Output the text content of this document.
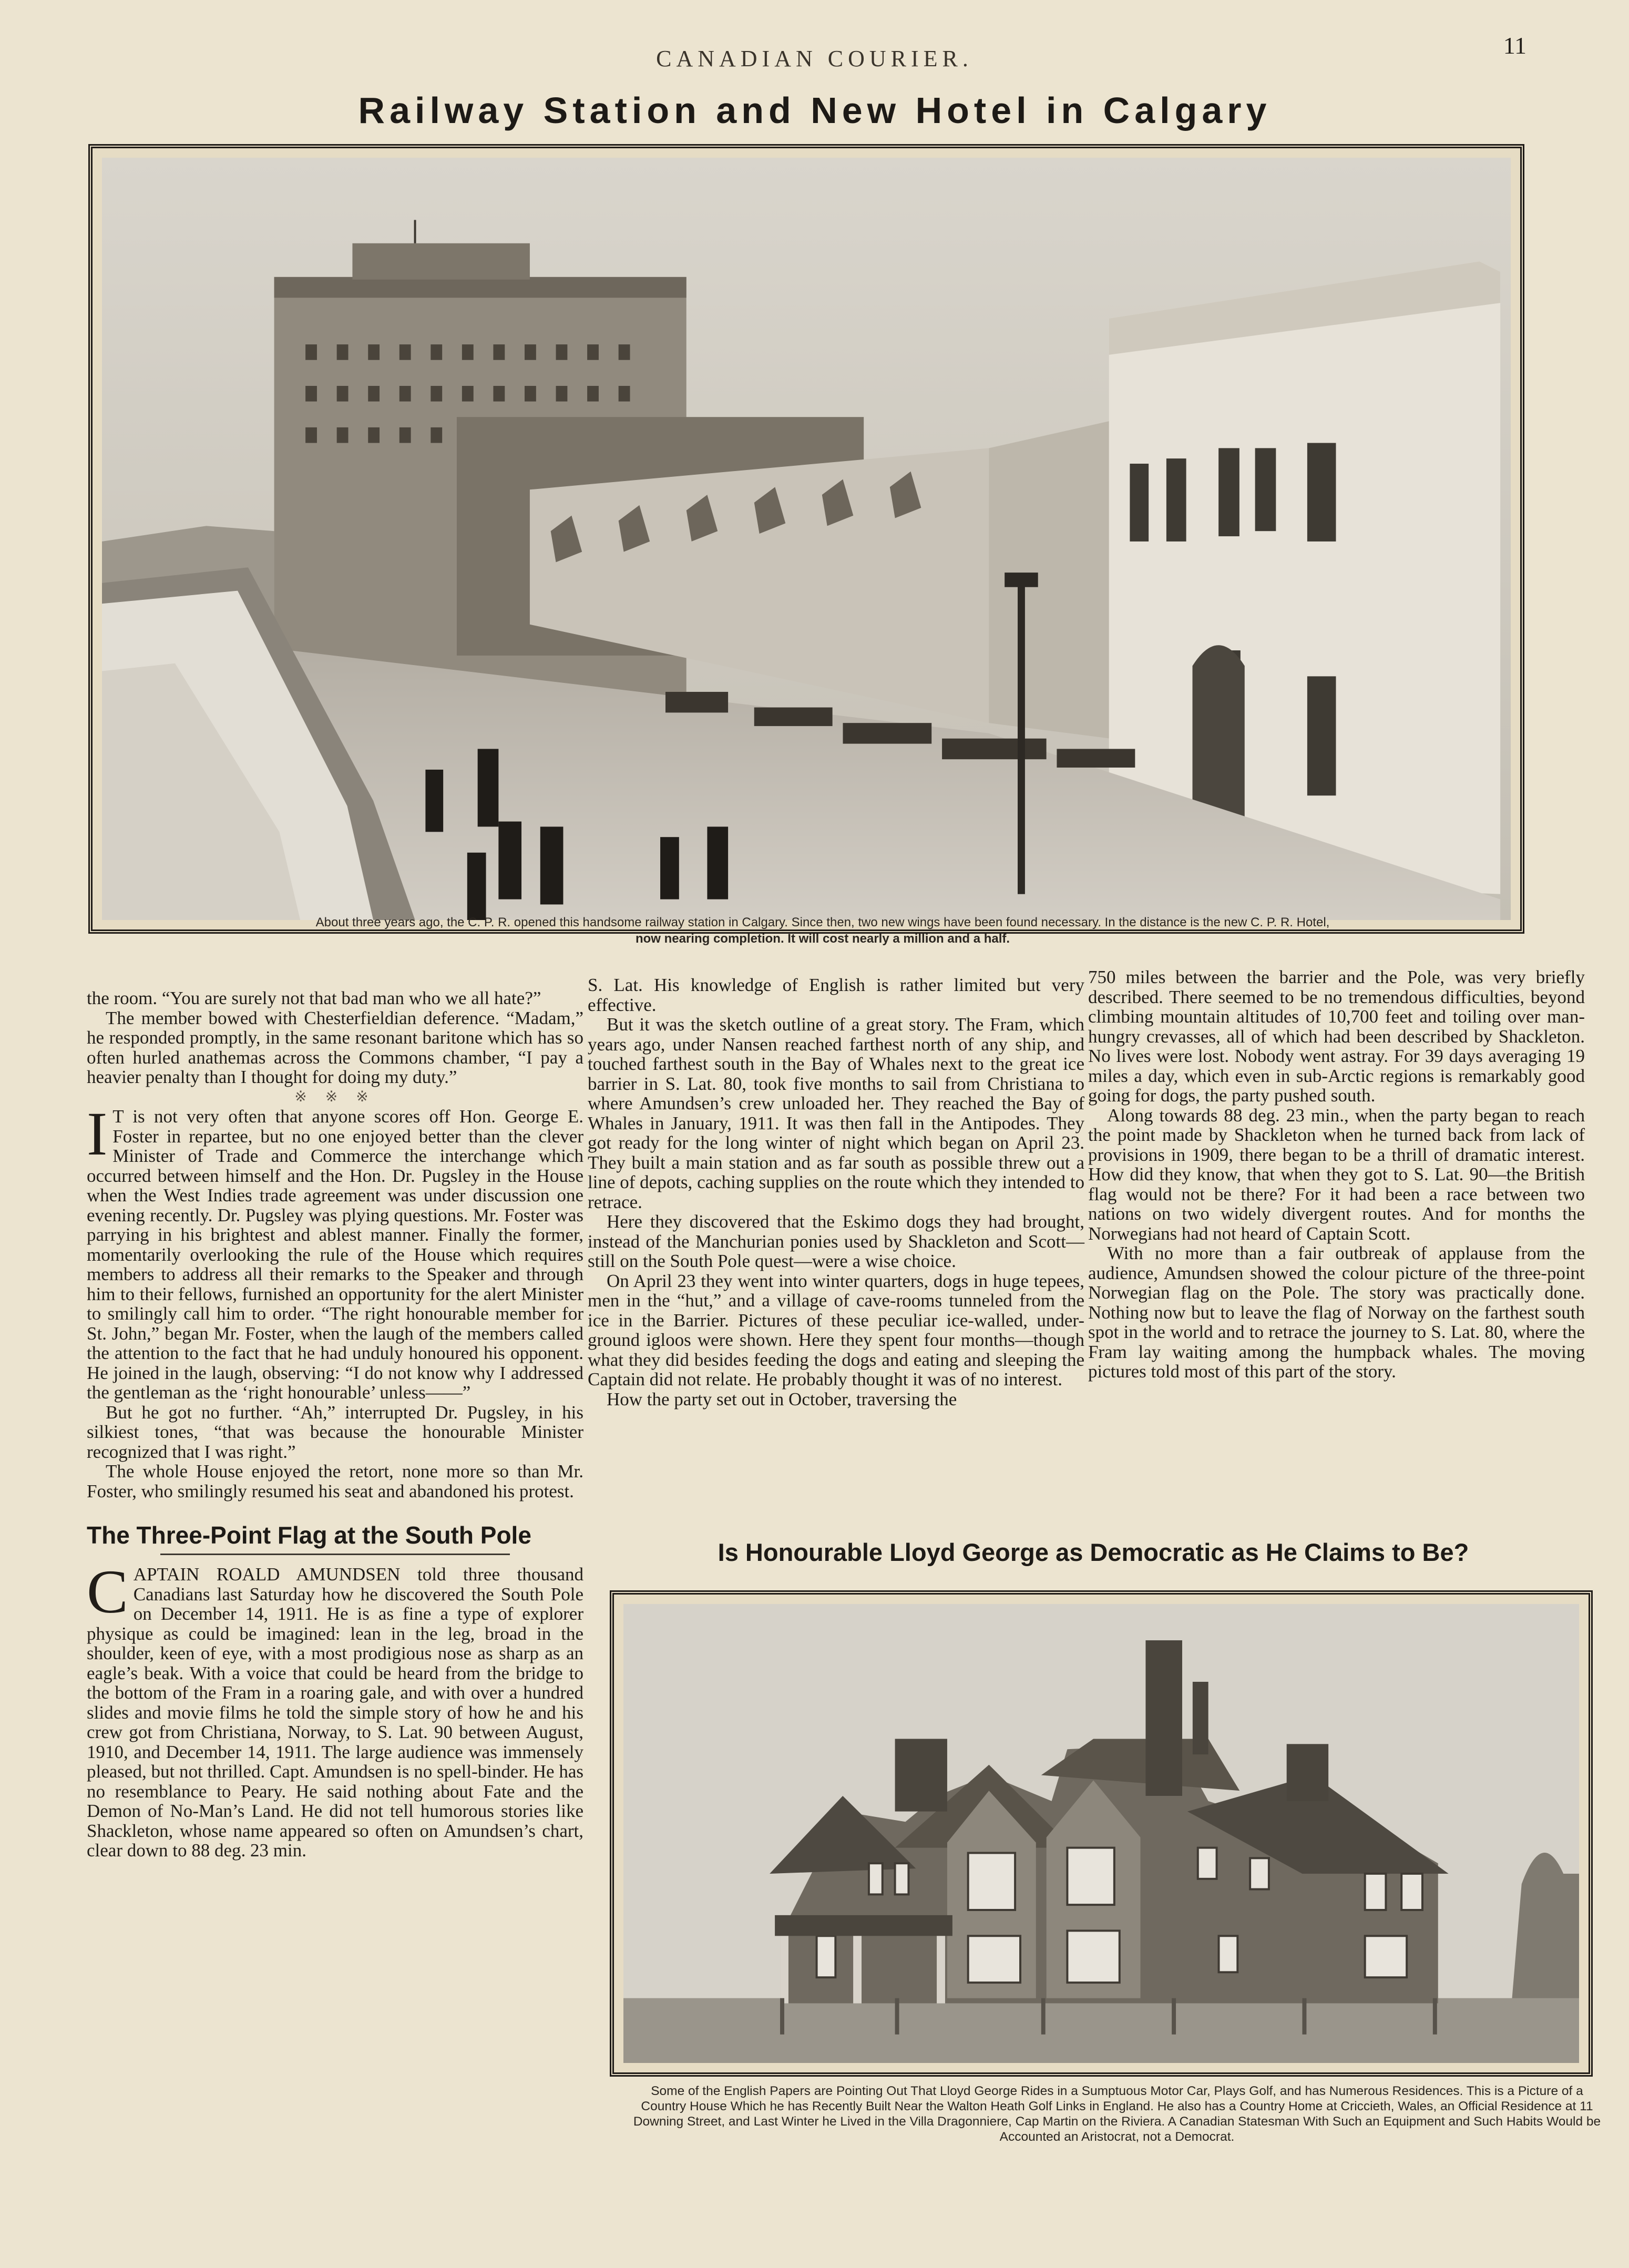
CANADIAN COURIER.	11
Railway Station and New Hotel in Calgary
About three years ago, the C. P. R. opened this handsome railway station in Calgary. Since then, two new wings have been found necessary. In the distance is the new C. P. R. Hotel,
now nearing completion. It will cost nearly a million and a half.

the room. “You are surely not that bad man who we all hate?”

The member bowed with Chesterfieldian deference. “Madam,” he responded promptly, in the same resonant baritone which has so often hurled anathemas across the Commons chamber, “I pay a heavier penalty than I thought for doing my duty.”

※ ※ ※

I T is not very often that anyone scores off Hon. George E. Foster in repartee, but no one enjoyed better than the clever Minister of Trade and Commerce the interchange which occurred between himself and the Hon. Dr. Pugsley in the House when the West Indies trade agreement was under discussion one evening recently. Dr. Pugsley was plying questions. Mr. Foster was parrying in his brightest and ablest manner. Finally the former, momentarily overlooking the rule of the House which requires members to address all their remarks to the Speaker and through him to their fellows, furnished an opportunity for the alert Minister to smilingly call him to order. “The right honourable member for St. John,” began Mr. Foster, when the laugh of the members called the attention to the fact that he had unduly honoured his opponent. He joined in the laugh, observing: “I do not know why I addressed the gentleman as the ‘right honourable’ unless——”

But he got no further. “Ah,” interrupted Dr. Pugsley, in his silkiest tones, “that was because the honourable Minister recognized that I was right.”

The whole House enjoyed the retort, none more so than Mr. Foster, who smilingly resumed his seat and abandoned his protest.

The Three-Point Flag at the South Pole

CAPTAIN ROALD AMUNDSEN told three thousand Canadians last Saturday how he discovered the South Pole on December 14, 1911. He is as fine a type of explorer physique as could be imagined: lean in the leg, broad in the shoulder, keen of eye, with a most prodigious nose as sharp as an eagle’s beak. With a voice that could be heard from the bridge to the bottom of the Fram in a roaring gale, and with over a hundred slides and movie films he told the simple story of how he and his crew got from Christiana, Norway, to S. Lat. 90 between August, 1910, and December 14, 1911. The large audience was immensely pleased, but not thrilled. Capt. Amundsen is no spell-binder. He has no resemblance to Peary. He said nothing about Fate and the Demon of No-Man’s Land. He did not tell humorous stories like Shackleton, whose name appeared so often on Amundsen’s chart, clear down to 88 deg. 23 min.

S. Lat. His knowledge of English is rather limited but very effective.

But it was the sketch outline of a great story. The Fram, which years ago, under Nansen reached farthest north of any ship, and touched farthest south in the Bay of Whales next to the great ice barrier in S. Lat. 80, took five months to sail from Christiana to where Amundsen’s crew unloaded her. They reached the Bay of Whales in January, 1911. It was then fall in the Antipodes. They got ready for the long winter of night which began on April 23. They built a main station and as far south as possible threw out a line of depots, caching supplies on the route which they intended to retrace.

Here they discovered that the Eskimo dogs they had brought, instead of the Manchurian ponies used by Shackleton and Scott—still on the South Pole quest—were a wise choice.

On April 23 they went into winter quarters, dogs in huge tepees, men in the “hut,” and a village of cave-rooms tunneled from the ice in the Barrier. Pictures of these peculiar ice-walled, under-ground igloos were shown. Here they spent four months—though what they did besides feeding the dogs and eating and sleeping the Captain did not relate. He probably thought it was of no interest.

How the party set out in October, traversing the

750 miles between the barrier and the Pole, was very briefly described. There seemed to be no tremendous difficulties, beyond climbing mountain altitudes of 10,700 feet and toiling over man-hungry crevasses, all of which had been described by Shackleton. No lives were lost. Nobody went astray. For 39 days averaging 19 miles a day, which even in sub-Arctic regions is remarkably good going for dogs, the party pushed south.

Along towards 88 deg. 23 min., when the party began to reach the point made by Shackleton when he turned back from lack of provisions in 1909, there began to be a thrill of dramatic interest. How did they know, that when they got to S. Lat. 90—the British flag would not be there? For it had been a race between two nations on two widely divergent routes. And for months the Norwegians had not heard of Captain Scott.

With no more than a fair outbreak of applause from the audience, Amundsen showed the colour picture of the three-point Norwegian flag on the Pole. The story was practically done. Nothing now but to leave the flag of Norway on the farthest south spot in the world and to retrace the journey to S. Lat. 80, where the Fram lay waiting among the humpback whales. The moving pictures told most of this part of the story.

Is Honourable Lloyd George as Democratic as He Claims to Be?
Some of the English Papers are Pointing Out That Lloyd George Rides in a Sumptuous Motor Car, Plays Golf, and has Numerous Residences. This is a Picture of a Country House Which he has Recently Built Near the Walton Heath Golf Links in England. He also has a Country Home at Criccieth, Wales, an Official Residence at 11 Downing Street, and Last Winter he Lived in the Villa Dragonniere, Cap Martin on the Riviera. A Canadian Statesman With Such an Equipment and Such Habits Would be Accounted an Aristocrat, not a Democrat.
